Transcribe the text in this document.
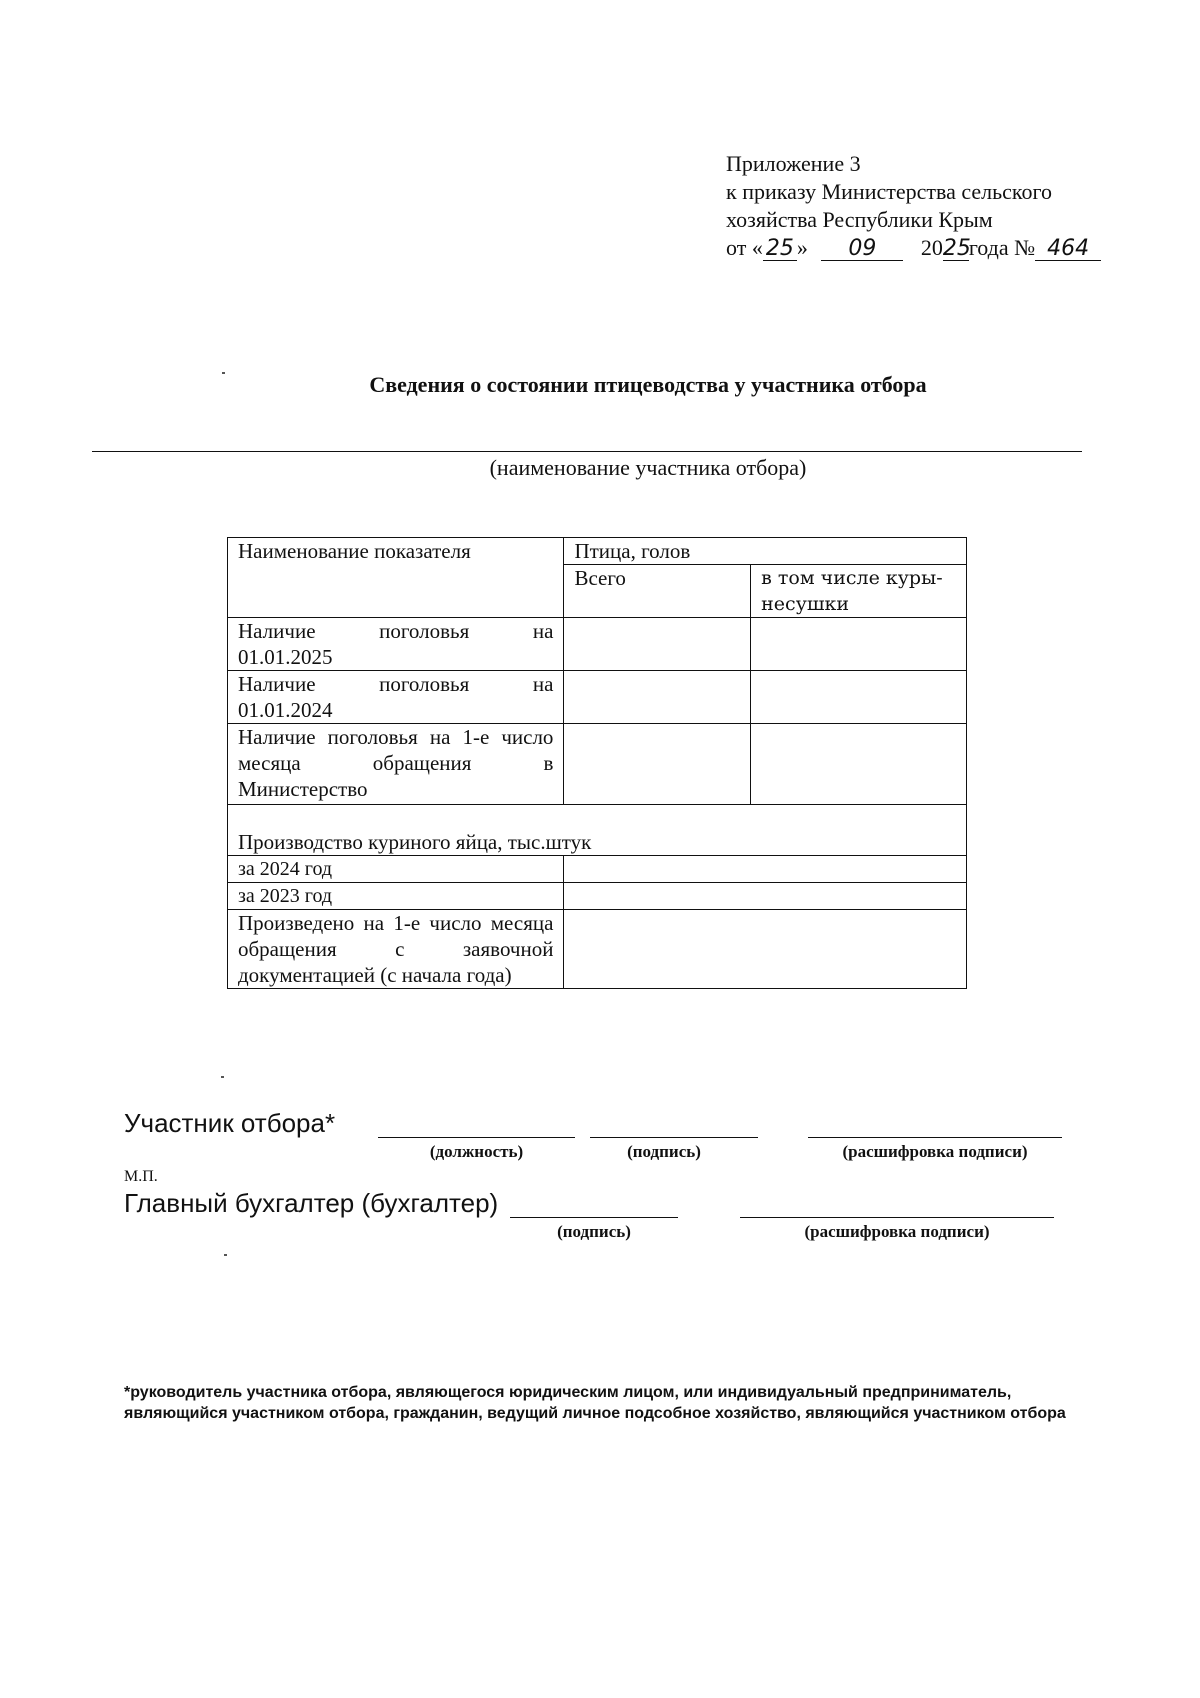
Приложение 3
к приказу Министерства сельского
хозяйства Республики Крым
от « 25 » 09 2025года № 464
Сведения о состоянии птицеводства у участника отбора
(наименование участника отбора)
Наименование показателя	Птица, голов	
	Всего	в том числе куры-несушки

Наличие поголовья на
01.01.2025		

Наличие поголовья на
01.01.2024		

Наличие поголовья на 1-е число месяца обращения в Министерство		
Производство куриного яйца, тыс.штук		
за 2024 год		
за 2023 год		
Произведено на 1-е число месяца обращения с заявочной документацией (с начала года)		
Участник отбора*
(должность)	(подпись)	(расшифровка подписи)
М.П.
Главный бухгалтер (бухгалтер)
(подпись)	(расшифровка подписи)
*руководитель участника отбора, являющегося юридическим лицом, или индивидуальный предприниматель, являющийся участником отбора, гражданин, ведущий личное подсобное хозяйство, являющийся участником отбора
